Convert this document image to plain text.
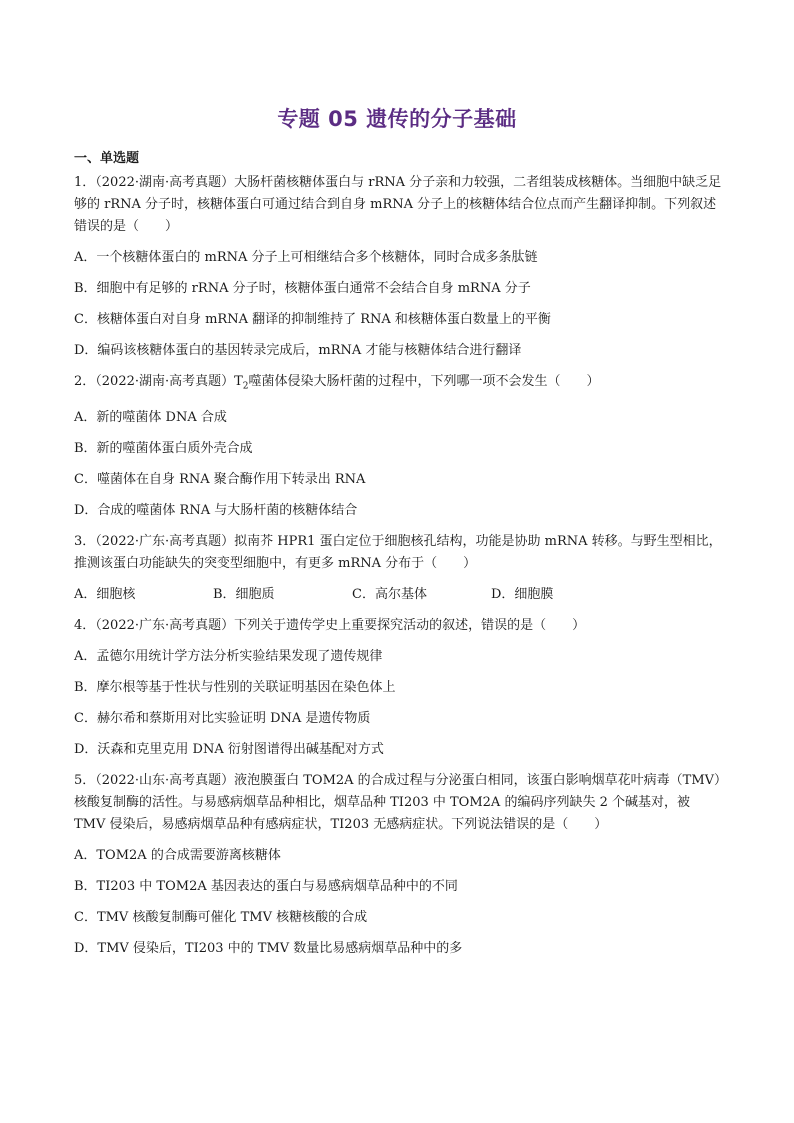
专题 05 遗传的分子基础
一、单选题

1．（2022·湖南·高考真题）大肠杆菌核糖体蛋白与 rRNA 分子亲和力较强，二者组装成核糖体。当细胞中缺乏足够的 rRNA 分子时，核糖体蛋白可通过结合到自身 mRNA 分子上的核糖体结合位点而产生翻译抑制。下列叙述错误的是（　　）

A．一个核糖体蛋白的 mRNA 分子上可相继结合多个核糖体，同时合成多条肽链

B．细胞中有足够的 rRNA 分子时，核糖体蛋白通常不会结合自身 mRNA 分子

C．核糖体蛋白对自身 mRNA 翻译的抑制维持了 RNA 和核糖体蛋白数量上的平衡

D．编码该核糖体蛋白的基因转录完成后，mRNA 才能与核糖体结合进行翻译

2．（2022·湖南·高考真题）$T_2$噬菌体侵染大肠杆菌的过程中，下列哪一项不会发生（　　）

A．新的噬菌体 DNA 合成

B．新的噬菌体蛋白质外壳合成

C．噬菌体在自身 RNA 聚合酶作用下转录出 RNA

D．合成的噬菌体 RNA 与大肠杆菌的核糖体结合

3．（2022·广东·高考真题）拟南芥 HPR1 蛋白定位于细胞核孔结构，功能是协助 mRNA 转移。与野生型相比，推测该蛋白功能缺失的突变型细胞中，有更多 mRNA 分布于（　　）

A．细胞核	B．细胞质	C．高尔基体	D．细胞膜

4．（2022·广东·高考真题）下列关于遗传学史上重要探究活动的叙述，错误的是（　　）

A．孟德尔用统计学方法分析实验结果发现了遗传规律

B．摩尔根等基于性状与性别的关联证明基因在染色体上

C．赫尔希和蔡斯用对比实验证明 DNA 是遗传物质

D．沃森和克里克用 DNA 衍射图谱得出碱基配对方式

5．（2022·山东·高考真题）液泡膜蛋白 TOM2A 的合成过程与分泌蛋白相同，该蛋白影响烟草花叶病毒（TMV）核酸复制酶的活性。与易感病烟草品种相比，烟草品种 TI203 中 TOM2A 的编码序列缺失 2 个碱基对，被 TMV 侵染后，易感病烟草品种有感病症状，TI203 无感病症状。下列说法错误的是（　　）

A．TOM2A 的合成需要游离核糖体

B．TI203 中 TOM2A 基因表达的蛋白与易感病烟草品种中的不同

C．TMV 核酸复制酶可催化 TMV 核糖核酸的合成

D．TMV 侵染后，TI203 中的 TMV 数量比易感病烟草品种中的多
